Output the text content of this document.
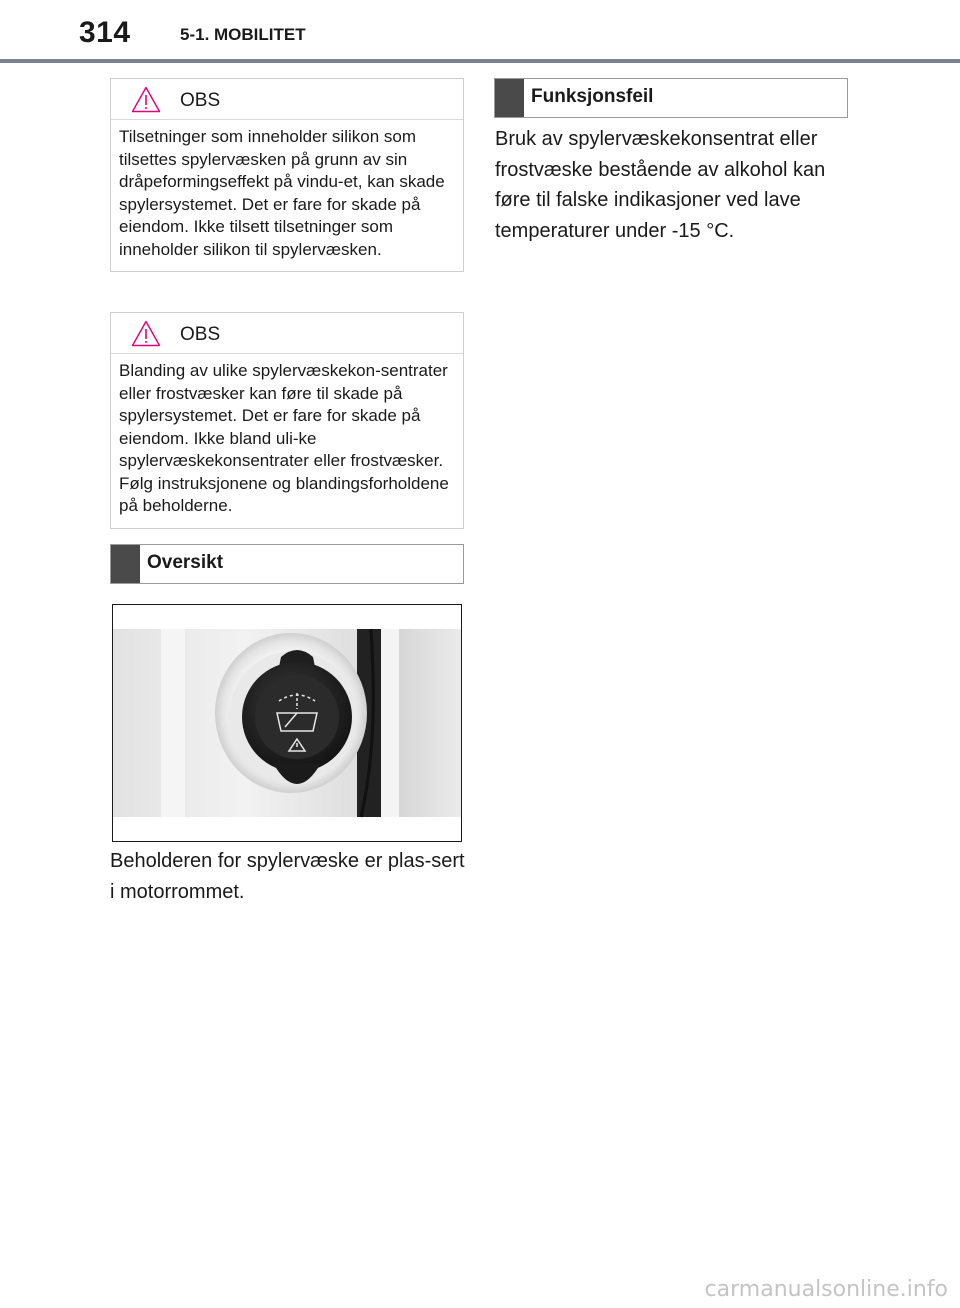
314	5-1. MOBILITET
OBS
Tilsetninger som inneholder silikon som tilsettes spylervæsken på grunn av sin dråpeformingseffekt på vindu-et, kan skade spylersystemet. Det er fare for skade på eiendom. Ikke tilsett tilsetninger som inneholder silikon til spylervæsken.
OBS
Blanding av ulike spylervæskekon-sentrater eller frostvæsker kan føre til skade på spylersystemet. Det er fare for skade på eiendom. Ikke bland uli-ke spylervæskekonsentrater eller frostvæsker. Følg instruksjonene og blandingsforholdene på beholderne.
Oversikt
Beholderen for spylervæske er plas-sert i motorrommet.
Funksjonsfeil
Bruk av spylervæskekonsentrat eller frostvæske bestående av alkohol kan føre til falske indikasjoner ved lave temperaturer under -15 °C.
carmanualsonline.info
